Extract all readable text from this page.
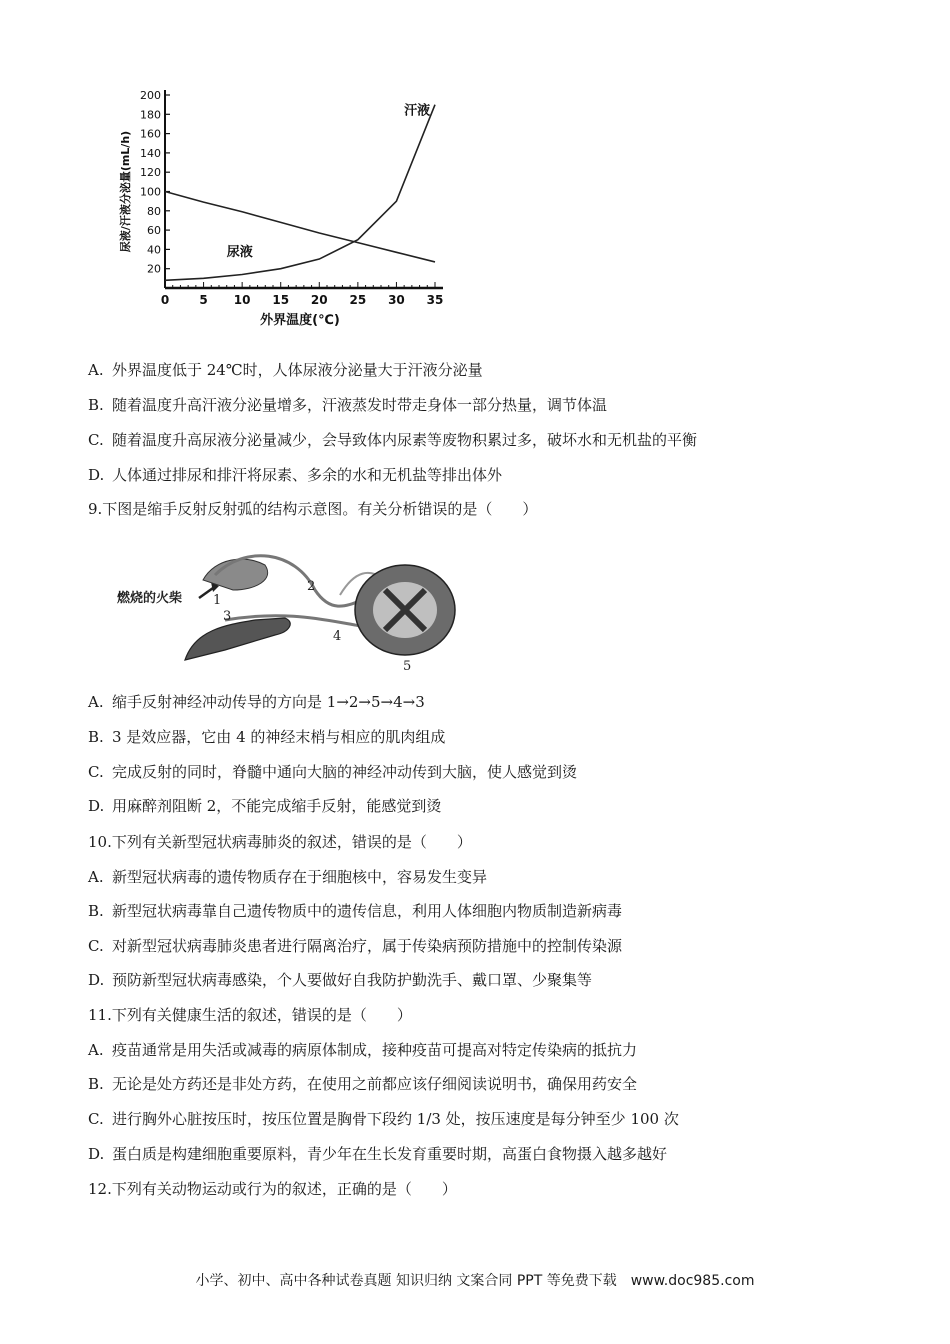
0	5 10 15 20 25 30 35
20
40
60
80
100
120
140
160
180
200
外界温度(℃)
尿液/汗液分泌量(mL/h)
尿液
汗液
A. 外界温度低于 24℃时，人体尿液分泌量大于汗液分泌量
B. 随着温度升高汗液分泌量增多，汗液蒸发时带走身体一部分热量，调节体温
C. 随着温度升高尿液分泌量减少，会导致体内尿素等废物积累过多，破坏水和无机盐的平衡
D. 人体通过排尿和排汗将尿素、多余的水和无机盐等排出体外
9.下图是缩手反射反射弧的结构示意图。有关分析错误的是（　　）
燃烧的火柴 1
2
3
4
5
A. 缩手反射神经冲动传导的方向是 1→2→5→4→3
B. 3 是效应器，它由 4 的神经末梢与相应的肌肉组成
C. 完成反射的同时，脊髓中通向大脑的神经冲动传到大脑，使人感觉到烫
D. 用麻醉剂阻断 2，不能完成缩手反射，能感觉到烫
10.下列有关新型冠状病毒肺炎的叙述，错误的是（　　）
A. 新型冠状病毒的遗传物质存在于细胞核中，容易发生变异
B. 新型冠状病毒靠自己遗传物质中的遗传信息，利用人体细胞内物质制造新病毒
C. 对新型冠状病毒肺炎患者进行隔离治疗，属于传染病预防措施中的控制传染源
D. 预防新型冠状病毒感染，个人要做好自我防护勤洗手、戴口罩、少聚集等
11.下列有关健康生活的叙述，错误的是（　　）
A. 疫苗通常是用失活或减毒的病原体制成，接种疫苗可提高对特定传染病的抵抗力
B. 无论是处方药还是非处方药，在使用之前都应该仔细阅读说明书，确保用药安全
C. 进行胸外心脏按压时，按压位置是胸骨下段约 1/3 处，按压速度是每分钟至少 100 次
D. 蛋白质是构建细胞重要原料，青少年在生长发育重要时期，高蛋白食物摄入越多越好
12.下列有关动物运动或行为的叙述，正确的是（　　）
小学、初中、高中各种试卷真题 知识归纳 文案合同 PPT 等免费下载　www.doc985.com
